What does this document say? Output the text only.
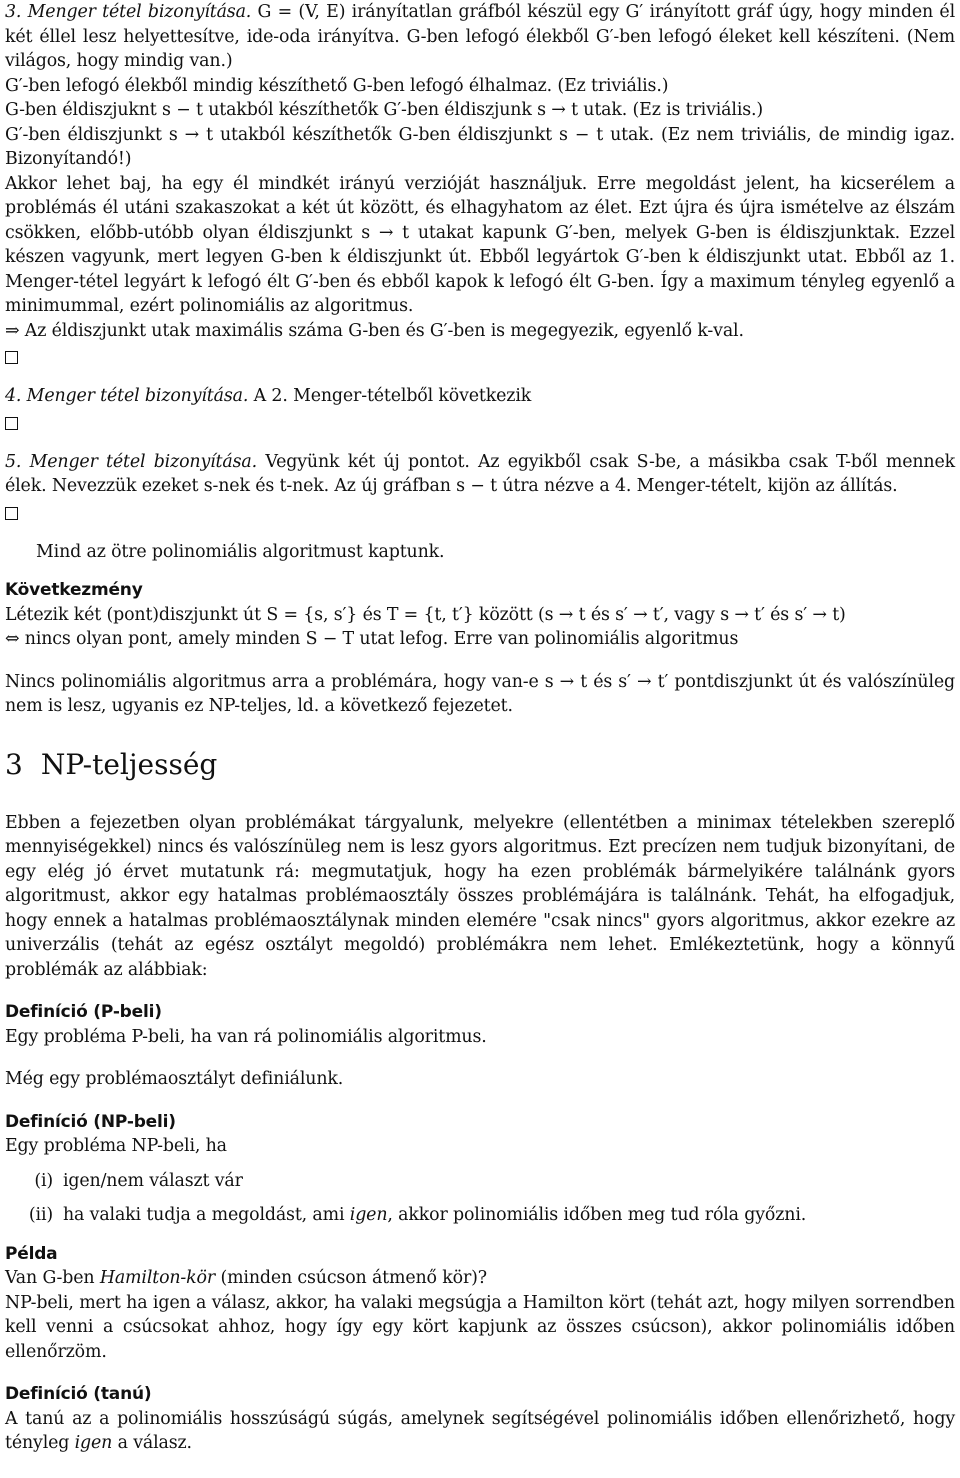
3. Menger tétel bizonyítása. G = (V, E) irányítatlan gráfból készül egy G′ irányított gráf úgy, hogy minden él két éllel lesz helyettesítve, ide-oda irányítva. G-ben lefogó élekből G′-ben lefogó éleket kell készíteni. (Nem világos, hogy mindig van.)

G′-ben lefogó élekből mindig készíthető G-ben lefogó élhalmaz. (Ez triviális.)

G-ben éldiszjuknt s − t utakból készíthetők G′-ben éldiszjunk s → t utak. (Ez is triviális.)

G′-ben éldiszjunkt s → t utakból készíthetők G-ben éldiszjunkt s − t utak. (Ez nem triviális, de mindig igaz. Bizonyítandó!)

Akkor lehet baj, ha egy él mindkét irányú verzióját használjuk. Erre megoldást jelent, ha kicserélem a problémás él utáni szakaszokat a két út között, és elhagyhatom az élet. Ezt újra és újra ismételve az élszám csökken, előbb-utóbb olyan éldiszjunkt s → t utakat kapunk G′-ben, melyek G-ben is éldiszjunktak. Ezzel készen vagyunk, mert legyen G-ben k éldiszjunkt út. Ebből legyártok G′-ben k éldiszjunkt utat. Ebből az 1. Menger-tétel legyárt k lefogó élt G′-ben és ebből kapok k lefogó élt G-ben. Így a maximum tényleg egyenlő a minimummal, ezért polinomiális az algoritmus.

⇒ Az éldiszjunkt utak maximális száma G-ben és G′-ben is megegyezik, egyenlő k-val.

4. Menger tétel bizonyítása. A 2. Menger-tételből következik

5. Menger tétel bizonyítása. Vegyünk két új pontot. Az egyikből csak S-be, a másikba csak T-ből mennek élek. Nevezzük ezeket s-nek és t-nek. Az új gráfban s − t útra nézve a 4. Menger-tételt, kijön az állítás.

Mind az ötre polinomiális algoritmust kaptunk.

Következmény

Létezik két (pont)diszjunkt út S = {s, s′} és T = {t, t′} között (s → t és s′ → t′, vagy s → t′ és s′ → t)

⇔ nincs olyan pont, amely minden S − T utat lefog. Erre van polinomiális algoritmus

Nincs polinomiális algoritmus arra a problémára, hogy van-e s → t és s′ → t′ pontdiszjunkt út és valószínüleg nem is lesz, ugyanis ez NP-teljes, ld. a következő fejezetet.

3 NP-teljesség

Ebben a fejezetben olyan problémákat tárgyalunk, melyekre (ellentétben a minimax tételekben szereplő mennyiségekkel) nincs és valószínüleg nem is lesz gyors algoritmus. Ezt precízen nem tudjuk bizonyítani, de egy elég jó érvet mutatunk rá: megmutatjuk, hogy ha ezen problémák bármelyikére találnánk gyors algoritmust, akkor egy hatalmas problémaosztály összes problémájára is találnánk. Tehát, ha elfogadjuk, hogy ennek a hatalmas problémaosztálynak minden elemére "csak nincs" gyors algoritmus, akkor ezekre az univerzális (tehát az egész osztályt megoldó) problémákra nem lehet. Emlékeztetünk, hogy a könnyű problémák az alábbiak:

Definíció (P-beli)

Egy probléma P-beli, ha van rá polinomiális algoritmus.

Még egy problémaosztályt definiálunk.

Definíció (NP-beli)

Egy probléma NP-beli, ha

(i) igen/nem választ vár
(ii) ha valaki tudja a megoldást, ami igen, akkor polinomiális időben meg tud róla győzni.

Példa

Van G-ben Hamilton-kör (minden csúcson átmenő kör)?

NP-beli, mert ha igen a válasz, akkor, ha valaki megsúgja a Hamilton kört (tehát azt, hogy milyen sorrendben kell venni a csúcsokat ahhoz, hogy így egy kört kapjunk az összes csúcson), akkor polinomiális időben ellenőrzöm.

Definíció (tanú)

A tanú az a polinomiális hosszúságú súgás, amelynek segítségével polinomiális időben ellenőrizhető, hogy tényleg igen a válasz.
